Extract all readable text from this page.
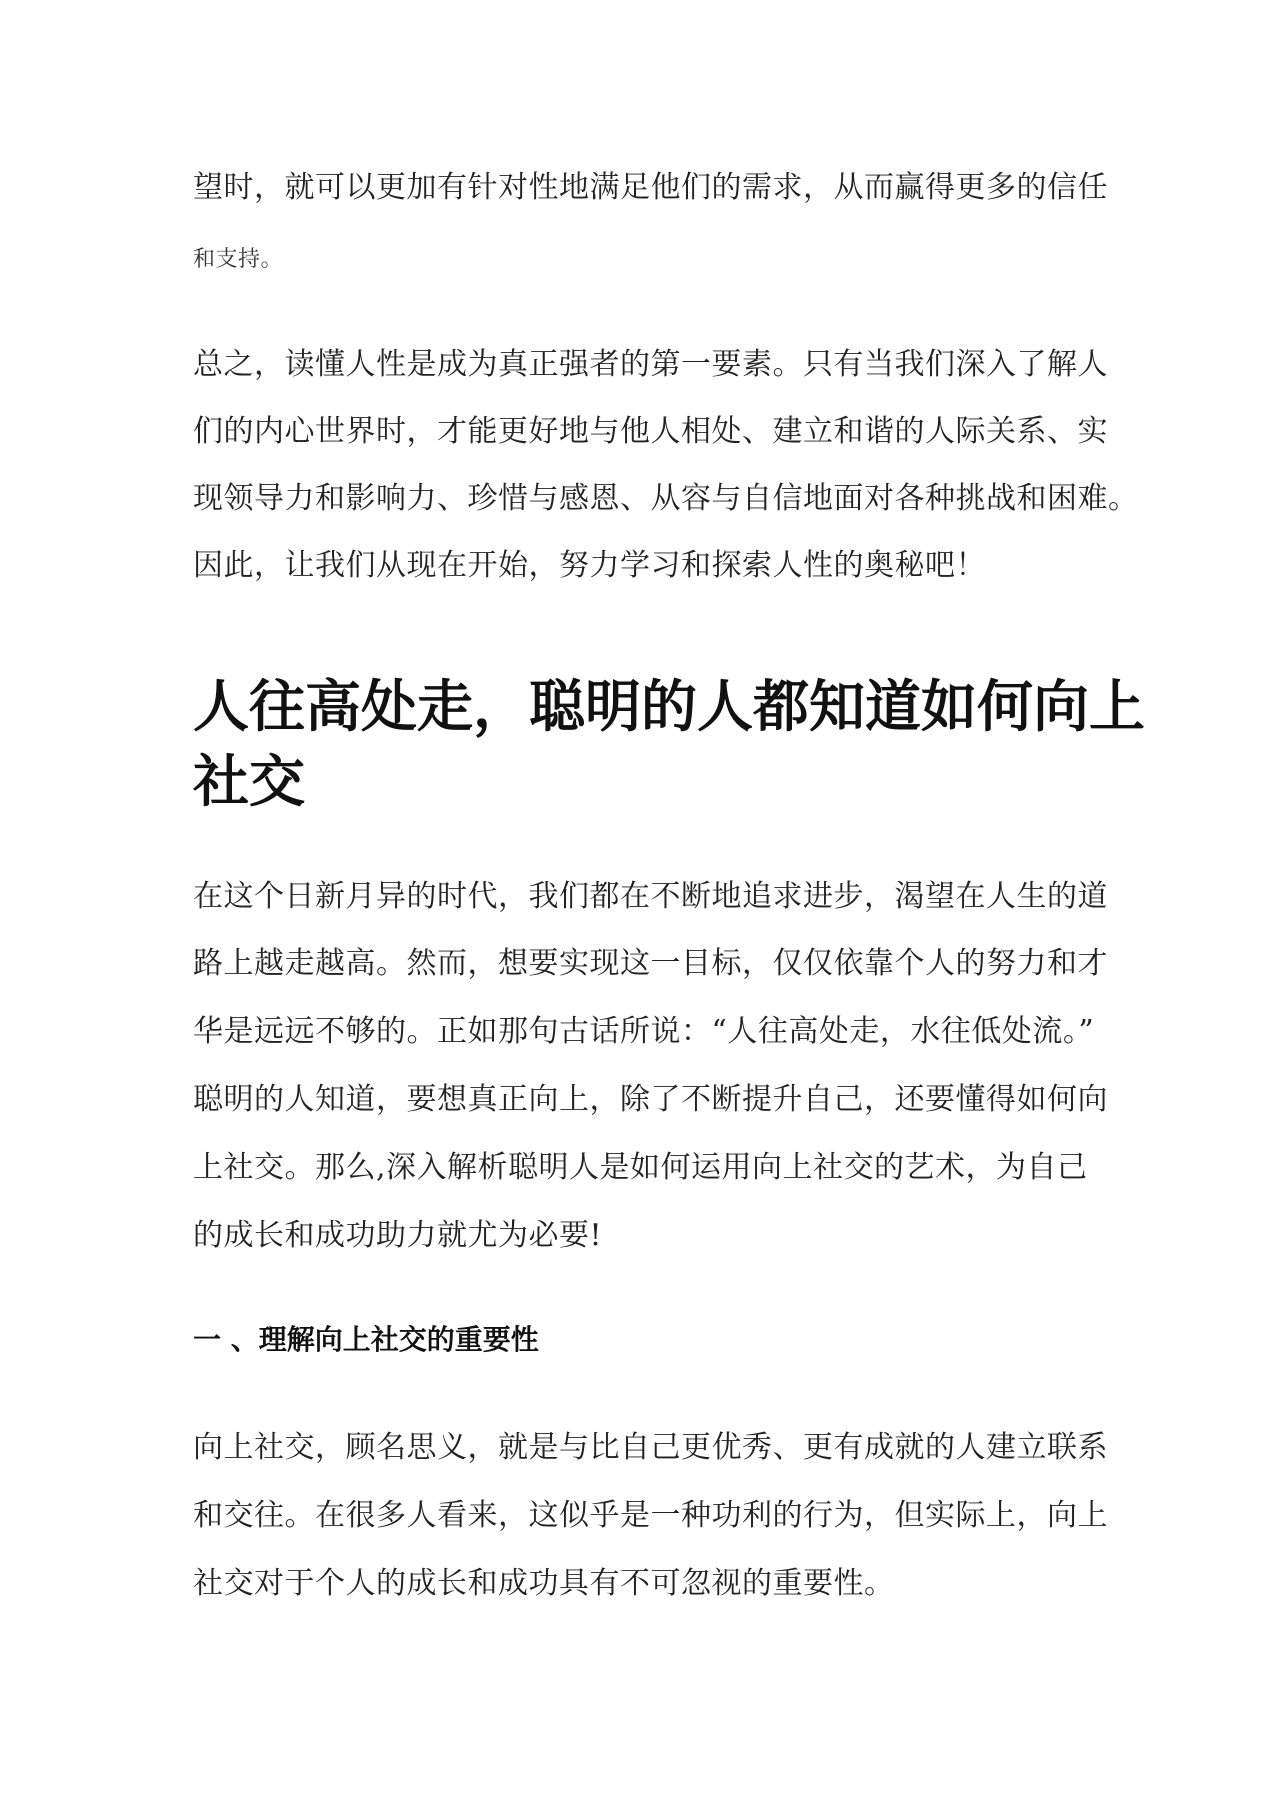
望时，就可以更加有针对性地满足他们的需求，从而赢得更多的信任
和支持。
总之，读懂人性是成为真正强者的第一要素。只有当我们深入了解人
们的内心世界时，才能更好地与他人相处、建立和谐的人际关系、实
现领导力和影响力、珍惜与感恩、从容与自信地面对各种挑战和困难。
因此，让我们从现在开始，努力学习和探索人性的奥秘吧！
人往高处走，聪明的人都知道如何向上
社交
在这个日新月异的时代，我们都在不断地追求进步，渴望在人生的道
路上越走越高。然而，想要实现这一目标，仅仅依靠个人的努力和才
华是远远不够的。正如那句古话所说：“人往高处走，水往低处流。”
聪明的人知道，要想真正向上，除了不断提升自己，还要懂得如何向
上社交。那么,深入解析聪明人是如何运用向上社交的艺术，为自己
的成长和成功助力就尤为必要!
一 、理解向上社交的重要性
向上社交，顾名思义，就是与比自己更优秀、更有成就的人建立联系
和交往。在很多人看来，这似乎是一种功利的行为，但实际上，向上
社交对于个人的成长和成功具有不可忽视的重要性。
